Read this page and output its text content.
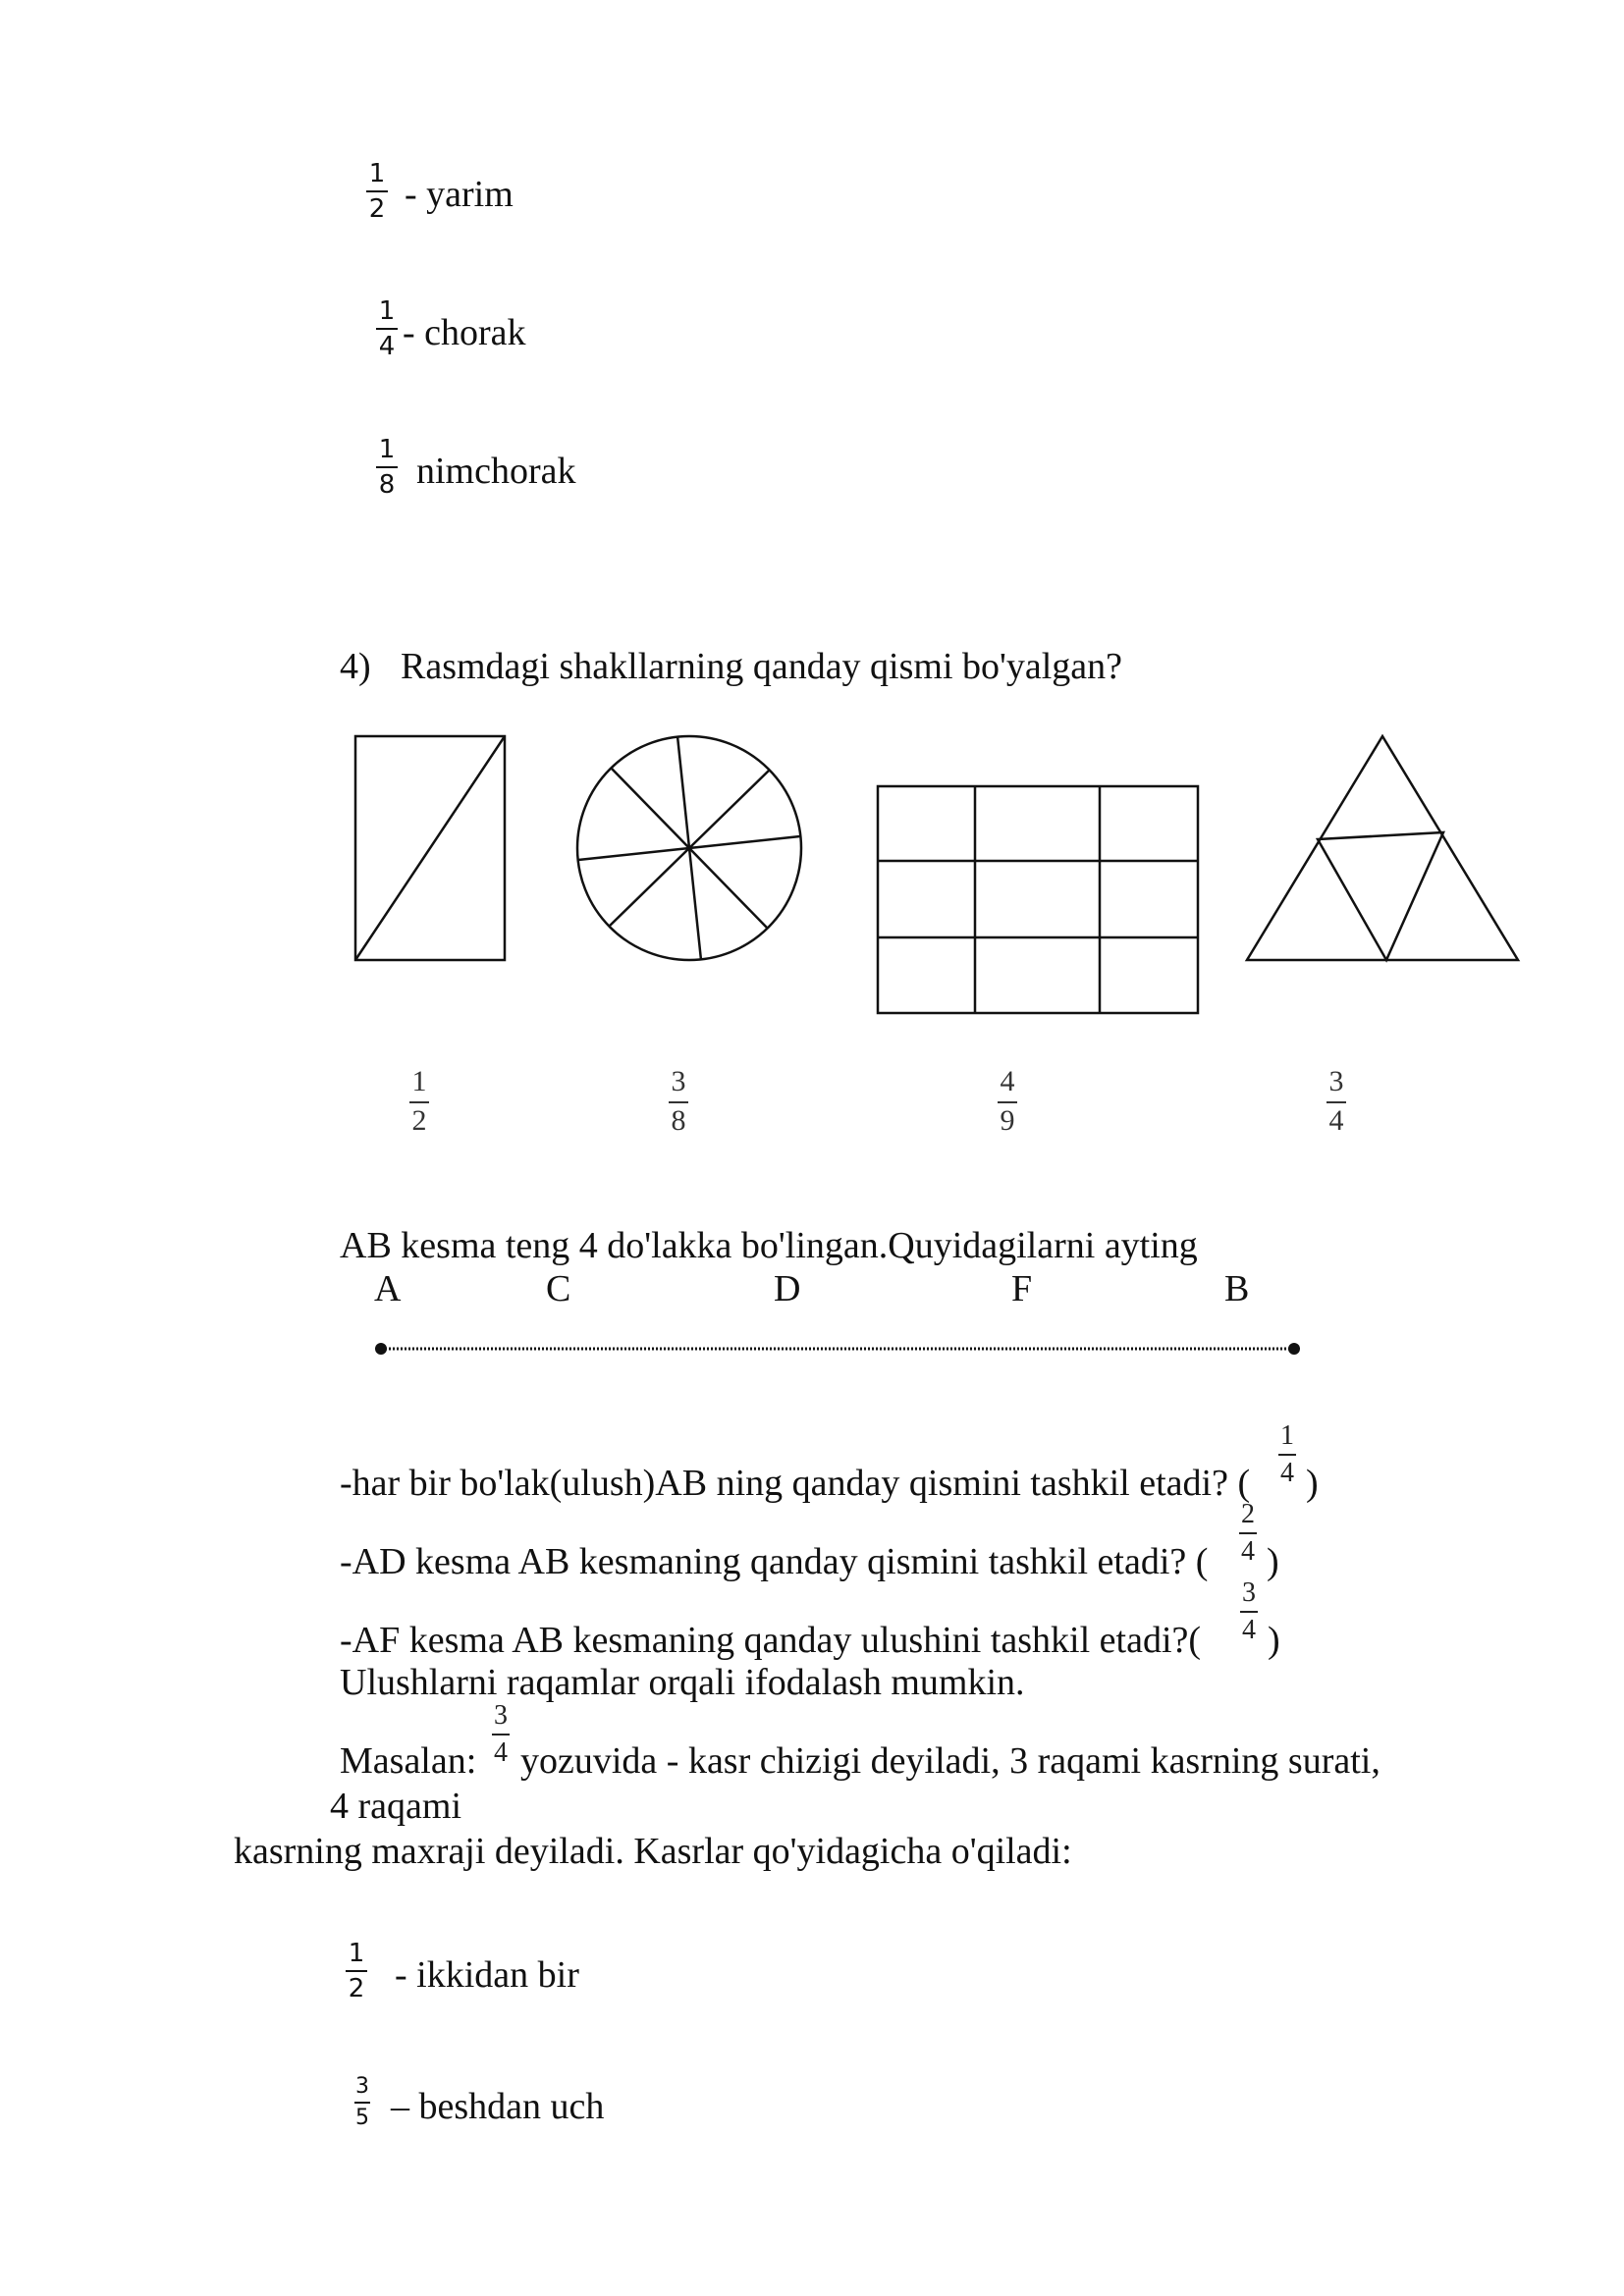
1
2 - yarim
1
4 - chorak
1
8 nimchorak
4) Rasmdagi shakllarning qanday qismi bo'yalgan?
1
2
3
8
4
9
3
4
AB kesma teng 4 do'lakka bo'lingan.Quyidagilarni ayting
A	C	D	F	B
-har bir bo'lak(ulush)AB ning qanday qismini tashkil etadi? (
1
4 )
-AD kesma AB kesmaning qanday qismini tashkil etadi? (
2
4 )
-AF kesma AB kesmaning qanday ulushini tashkil etadi?(
3
4 )
Ulushlarni raqamlar orqali ifodalash mumkin.
Masalan:
3
4 yozuvida - kasr chizigi deyiladi, 3 raqami kasrning surati,
4 raqami
kasrning maxraji deyiladi. Kasrlar qo'yidagicha o'qiladi:
1
2 - ikkidan bir
3
5 – beshdan uch
